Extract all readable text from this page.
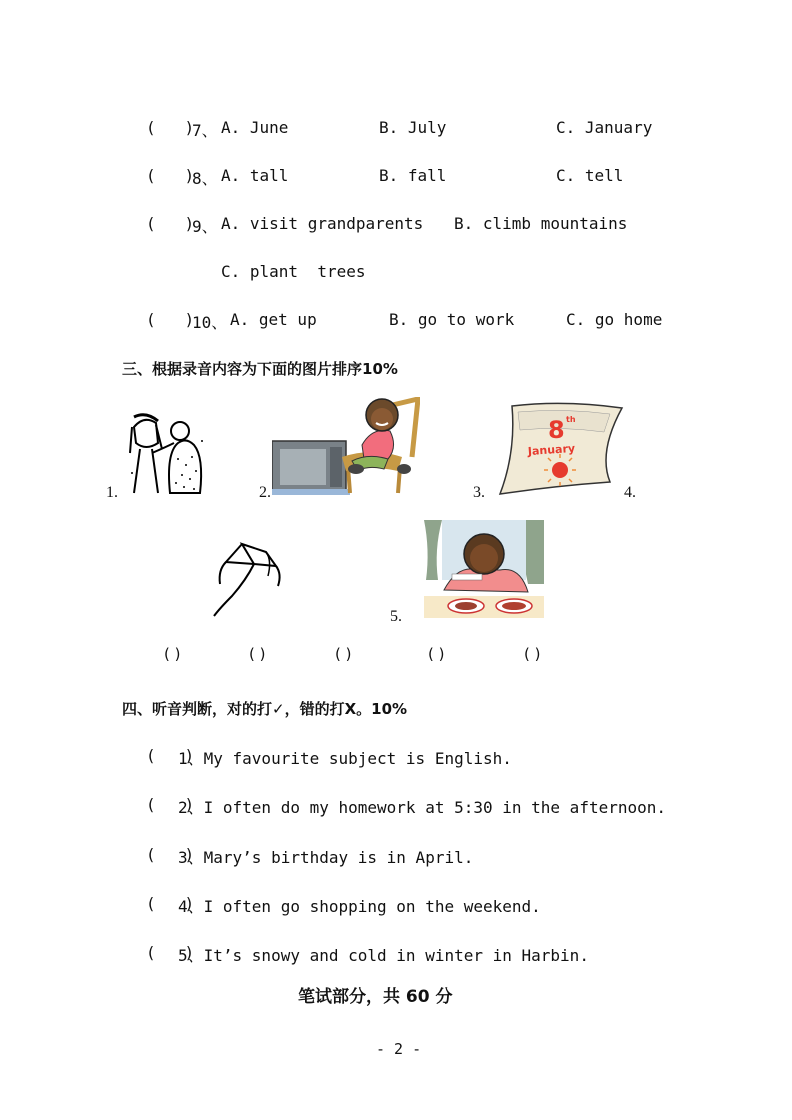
(   )
7、 A. June	B. July	C. January
(   )
8、 A. tall	B. fall	C. tell
(   )
9、 A. visit grandparents B. climb mountains
C. plant  trees
(   )
10、 A. get up	B. go to work	C. go home
三、根据录音内容为下面的图片排序10%
1.	2.	3.
8 th
January
4.
5.
( )	( )	( )	( )	( )
四、听音判断，对的打✓，错的打X。10%
(   )
1、My favourite subject is English.
(   )
2、I often do my homework at 5:30 in the afternoon.
(   )
3、Mary’s birthday is in April.
(   )
4、I often go shopping on the weekend.
(   )
5、It’s snowy and cold in winter in Harbin.
笔试部分，共 60 分
- 2 -
